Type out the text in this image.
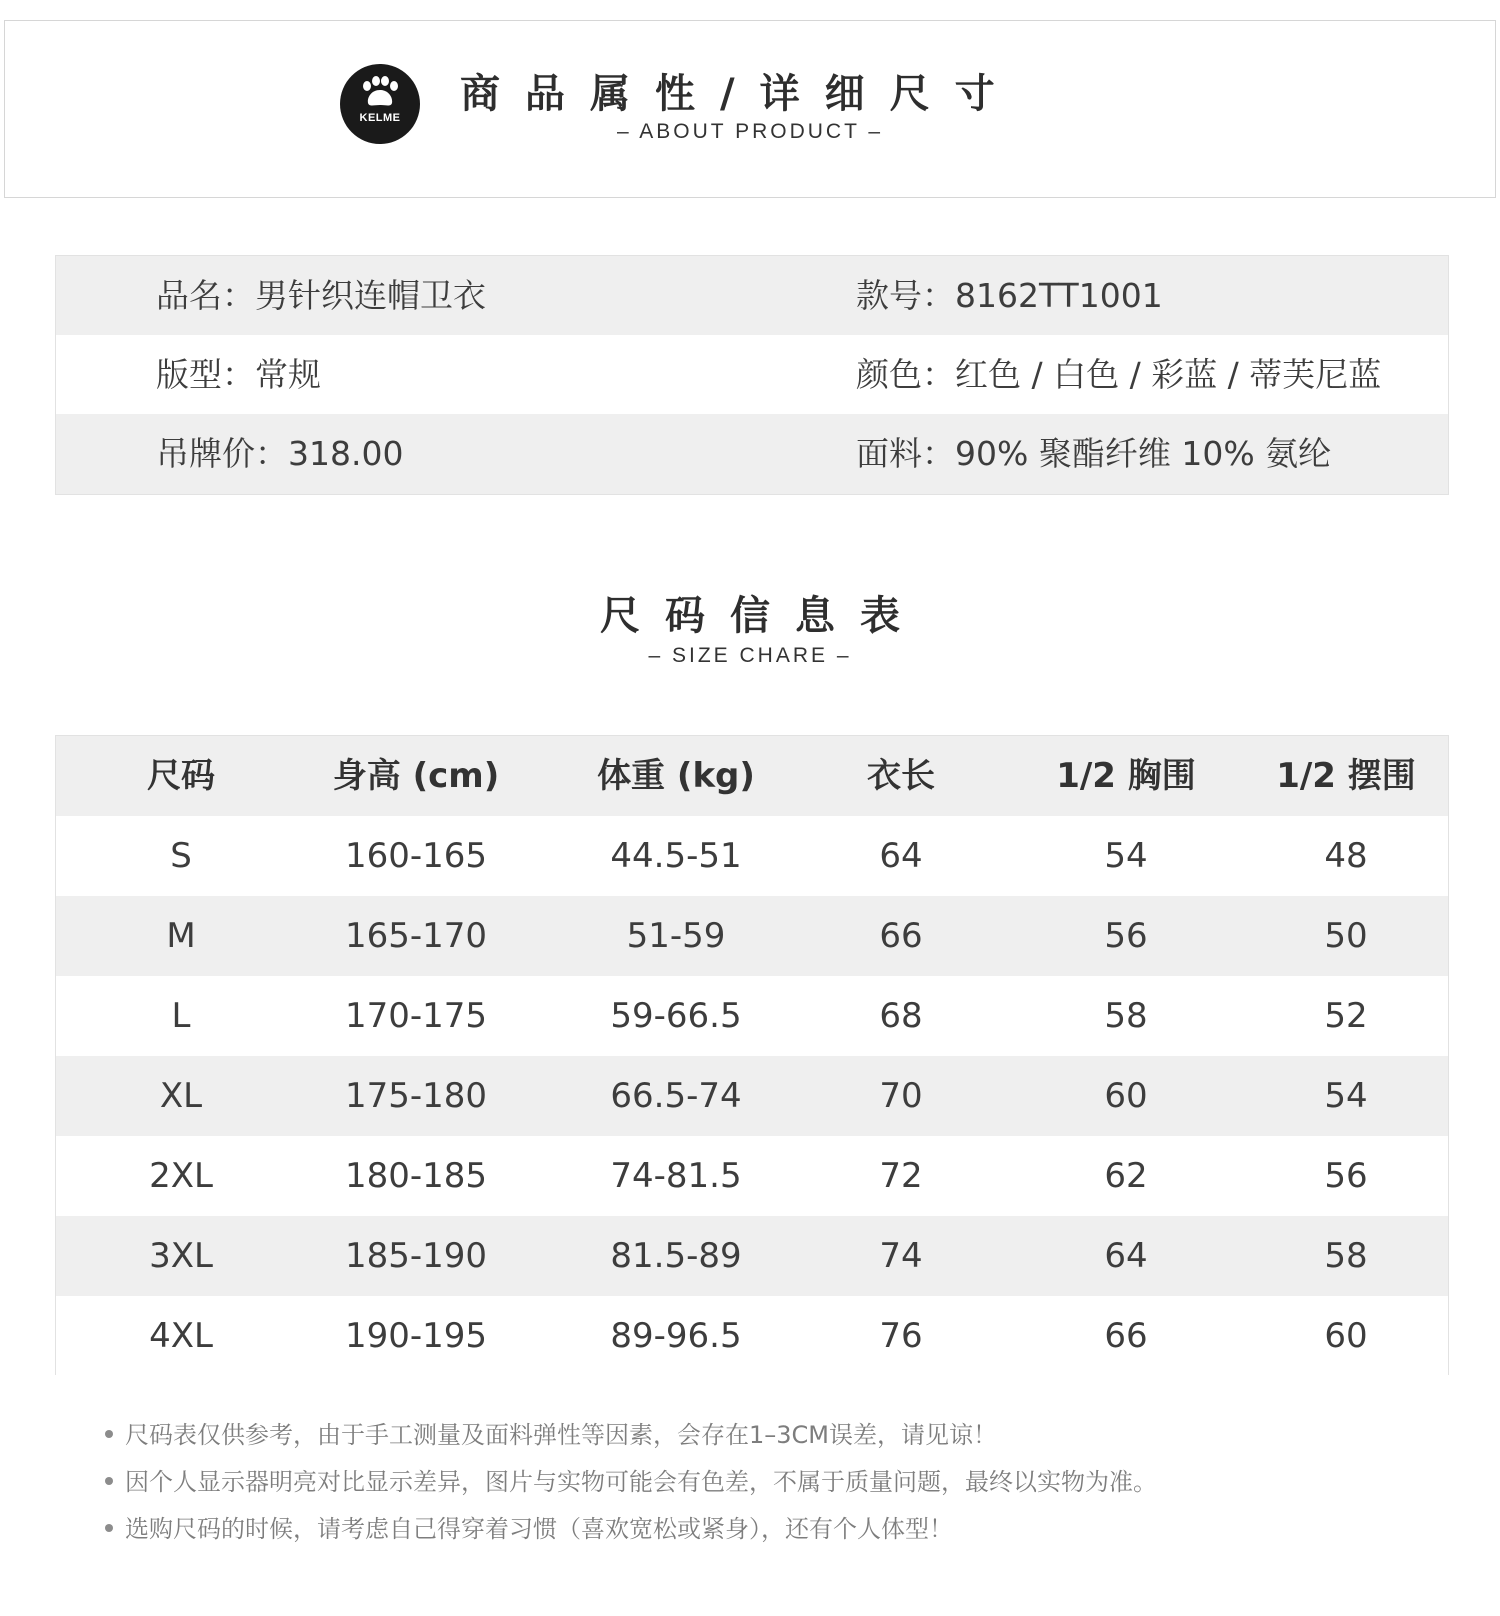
KELME
商品属性/详细尺寸
– ABOUT PRODUCT –
品名：男针织连帽卫衣	款号：8162TT1001
版型：常规	颜色：红色 / 白色 / 彩蓝 / 蒂芙尼蓝
吊牌价：318.00	面料：90% 聚酯纤维 10% 氨纶
尺码信息表
– SIZE CHARE –
尺码	身高 (cm)	体重 (kg)	衣长	1/2 胸围	1/2 摆围
S	160-165	44.5-51	64	54	48
M	165-170	51-59	66	56	50
L	170-175	59-66.5	68	58	52
XL	175-180	66.5-74	70	60	54
2XL	180-185	74-81.5	72	62	56
3XL	185-190	81.5-89	74	64	58
4XL	190-195	89-96.5	76	66	60
尺码表仅供参考，由于手工测量及面料弹性等因素，会存在1–3CM误差，请见谅！
因个人显示器明亮对比显示差异，图片与实物可能会有色差，不属于质量问题，最终以实物为准。
选购尺码的时候，请考虑自己得穿着习惯（喜欢宽松或紧身），还有个人体型！
